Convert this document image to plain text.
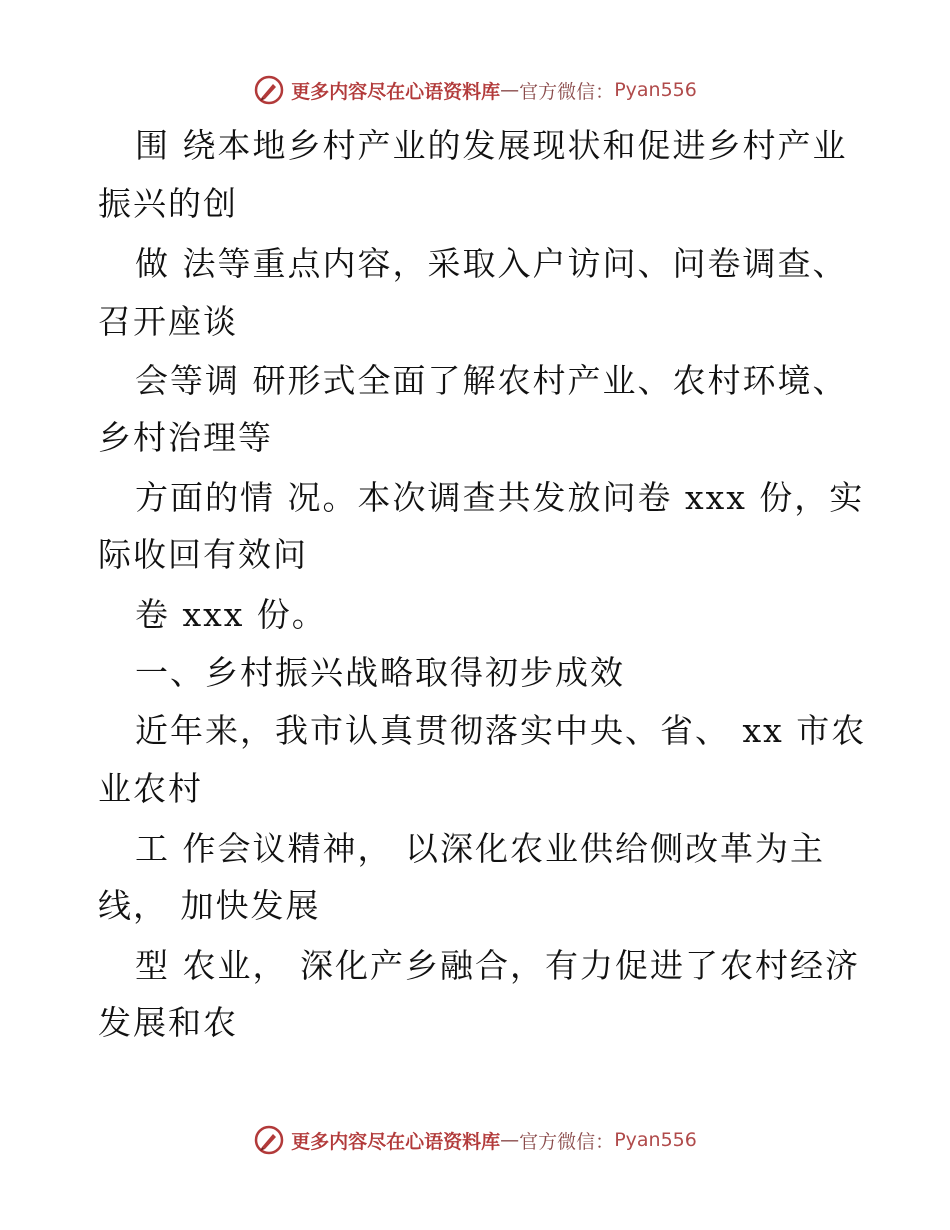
更多内容尽在心语资料库 — 官方微信： Pyan556
围 绕本地乡村产业的发展现状和促进乡村产业
振兴的创
做 法等重点内容，采取入户访问、问卷调查、
召开座谈
会等调 研形式全面了解农村产业、农村环境、
乡村治理等
方面的情 况。本次调查共发放问卷 xxx 份，实
际收回有效问
卷 xxx 份。
一、乡村振兴战略取得初步成效
近年来，我市认真贯彻落实中央、省、 xx 市农
业农村
工 作会议精神， 以深化农业供给侧改革为主
线， 加快发展
型 农业， 深化产乡融合，有力促进了农村经济
发展和农
更多内容尽在心语资料库 — 官方微信： Pyan556
